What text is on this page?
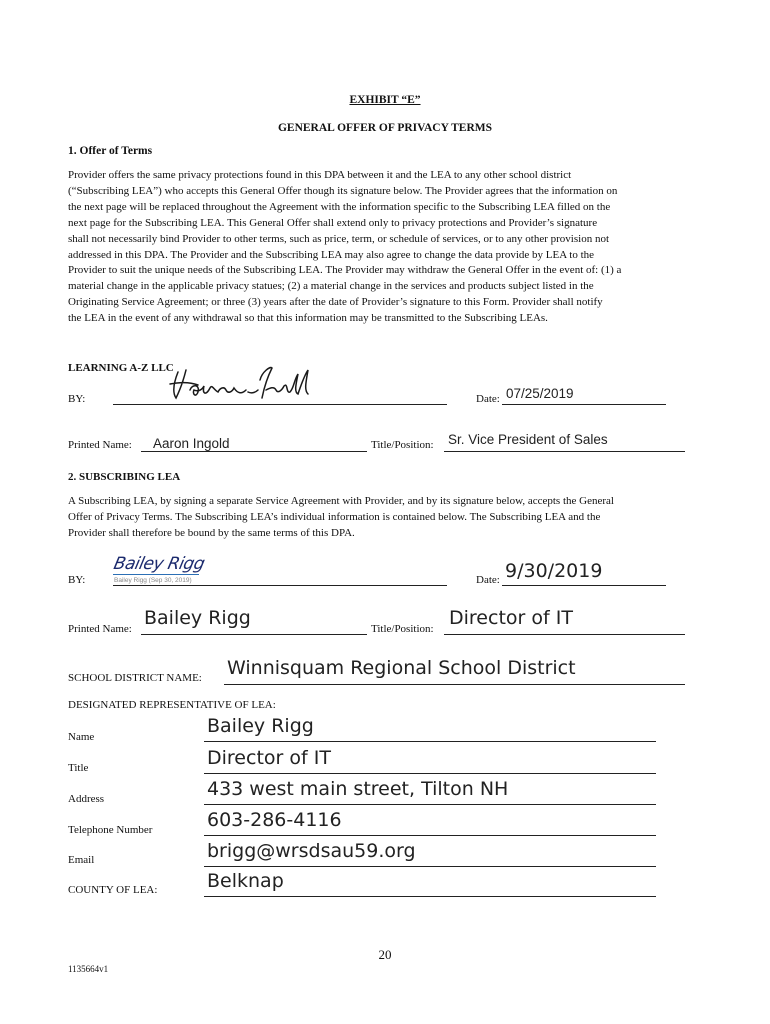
EXHIBIT “E”
GENERAL OFFER OF PRIVACY TERMS
1. Offer of Terms
Provider offers the same privacy protections found in this DPA between it and the LEA to any other school district
(“Subscribing LEA”) who accepts this General Offer though its signature below. The Provider agrees that the information on
the next page will be replaced throughout the Agreement with the information specific to the Subscribing LEA filled on the
next page for the Subscribing LEA. This General Offer shall extend only to privacy protections and Provider’s signature
shall not necessarily bind Provider to other terms, such as price, term, or schedule of services, or to any other provision not
addressed in this DPA. The Provider and the Subscribing LEA may also agree to change the data provide by LEA to the
Provider to suit the unique needs of the Subscribing LEA. The Provider may withdraw the General Offer in the event of: (1) a
material change in the applicable privacy statues; (2) a material change in the services and products subject listed in the
Originating Service Agreement; or three (3) years after the date of Provider’s signature to this Form. Provider shall notify
the LEA in the event of any withdrawal so that this information may be transmitted to the Subscribing LEAs.
LEARNING A-Z LLC
BY:	Date: 07/25/2019
Printed Name: Aaron Ingold	Title/Position: Sr. Vice President of Sales
2. SUBSCRIBING LEA
A Subscribing LEA, by signing a separate Service Agreement with Provider, and by its signature below, accepts the General
Offer of Privacy Terms. The Subscribing LEA’s individual information is contained below. The Subscribing LEA and the
Provider shall therefore be bound by the same terms of this DPA.
Bailey Rigg
Bailey Rigg (Sep 30, 2019)
BY:	Date: 9/30/2019
Printed Name: Bailey Rigg	Title/Position: Director of IT
SCHOOL DISTRICT NAME: Winnisquam Regional School District
DESIGNATED REPRESENTATIVE OF LEA:
Name	Bailey Rigg
Title	Director of IT
Address	433 west main street, Tilton NH
Telephone Number	603-286-4116
Email	brigg@wrsdsau59.org
COUNTY OF LEA:	Belknap
20
1135664v1
